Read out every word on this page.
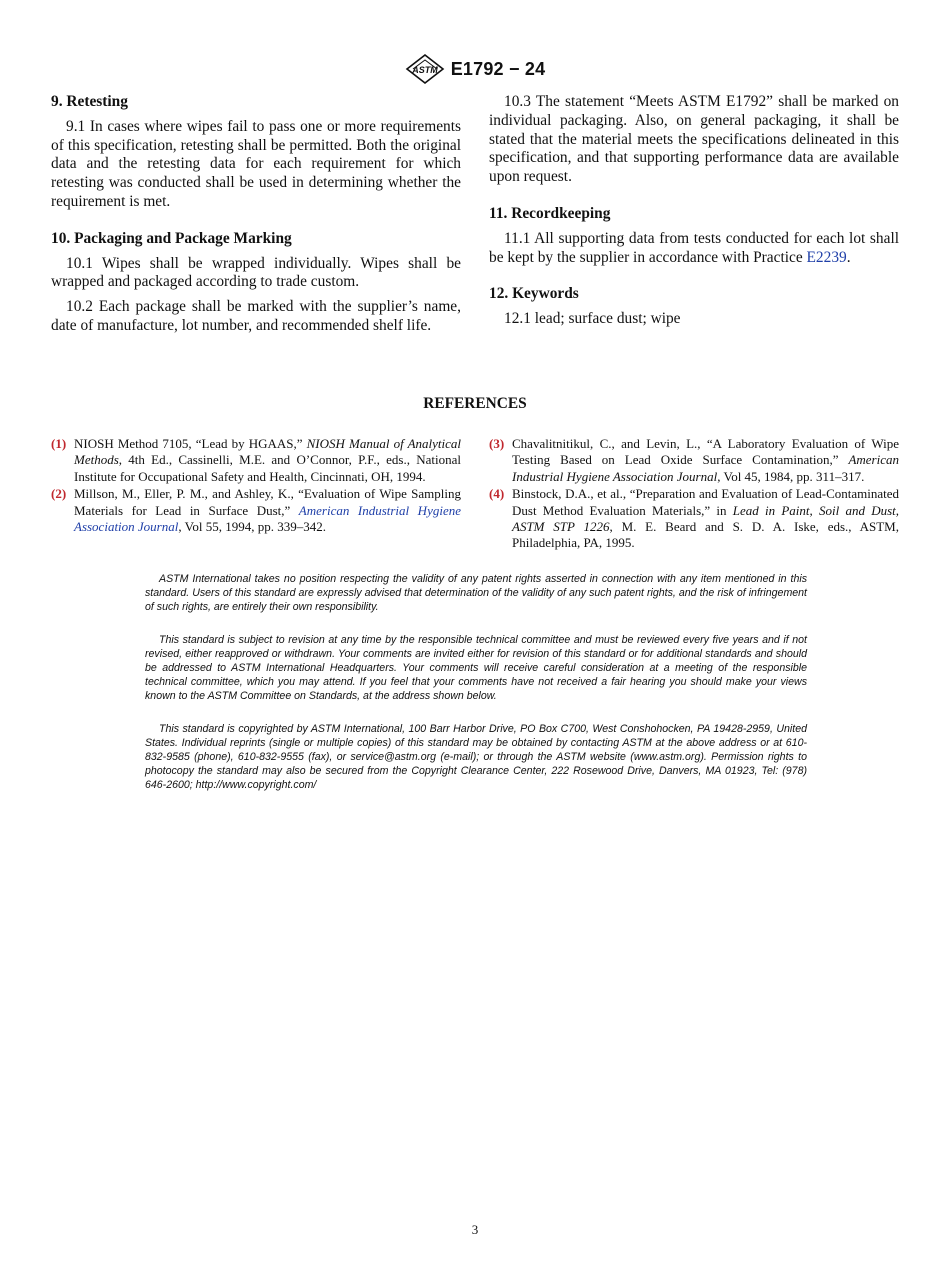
ASTM E1792 − 24
9. Retesting

9.1 In cases where wipes fail to pass one or more requirements of this specification, retesting shall be permitted. Both the original data and the retesting data for each requirement for which retesting was conducted shall be used in determining whether the requirement is met.

10. Packaging and Package Marking

10.1 Wipes shall be wrapped individually. Wipes shall be wrapped and packaged according to trade custom.

10.2 Each package shall be marked with the supplier’s name, date of manufacture, lot number, and recommended shelf life.

10.3 The statement “Meets ASTM E1792” shall be marked on individual packaging. Also, on general packaging, it shall be stated that the material meets the specifications delineated in this specification, and that supporting performance data are available upon request.

11. Recordkeeping

11.1 All supporting data from tests conducted for each lot shall be kept by the supplier in accordance with Practice E2239.

12. Keywords

12.1 lead; surface dust; wipe

REFERENCES
(1) NIOSH Method 7105, “Lead by HGAAS,” NIOSH Manual of Analytical Methods, 4th Ed., Cassinelli, M.E. and O’Connor, P.F., eds., National Institute for Occupational Safety and Health, Cincinnati, OH, 1994.
(2) Millson, M., Eller, P. M., and Ashley, K., “Evaluation of Wipe Sampling Materials for Lead in Surface Dust,” American Industrial Hygiene Association Journal, Vol 55, 1994, pp. 339–342.
(3) Chavalitnitikul, C., and Levin, L., “A Laboratory Evaluation of Wipe Testing Based on Lead Oxide Surface Contamination,” American Industrial Hygiene Association Journal, Vol 45, 1984, pp. 311–317.
(4) Binstock, D.A., et al., “Preparation and Evaluation of Lead-Contaminated Dust Method Evaluation Materials,” in Lead in Paint, Soil and Dust, ASTM STP 1226, M. E. Beard and S. D. A. Iske, eds., ASTM, Philadelphia, PA, 1995.

ASTM International takes no position respecting the validity of any patent rights asserted in connection with any item mentioned in this standard. Users of this standard are expressly advised that determination of the validity of any such patent rights, and the risk of infringement of such rights, are entirely their own responsibility.

This standard is subject to revision at any time by the responsible technical committee and must be reviewed every five years and if not revised, either reapproved or withdrawn. Your comments are invited either for revision of this standard or for additional standards and should be addressed to ASTM International Headquarters. Your comments will receive careful consideration at a meeting of the responsible technical committee, which you may attend. If you feel that your comments have not received a fair hearing you should make your views known to the ASTM Committee on Standards, at the address shown below.

This standard is copyrighted by ASTM International, 100 Barr Harbor Drive, PO Box C700, West Conshohocken, PA 19428-2959, United States. Individual reprints (single or multiple copies) of this standard may be obtained by contacting ASTM at the above address or at 610-832-9585 (phone), 610-832-9555 (fax), or service@astm.org (e-mail); or through the ASTM website (www.astm.org). Permission rights to photocopy the standard may also be secured from the Copyright Clearance Center, 222 Rosewood Drive, Danvers, MA 01923, Tel: (978) 646-2600; http://www.copyright.com/

3
